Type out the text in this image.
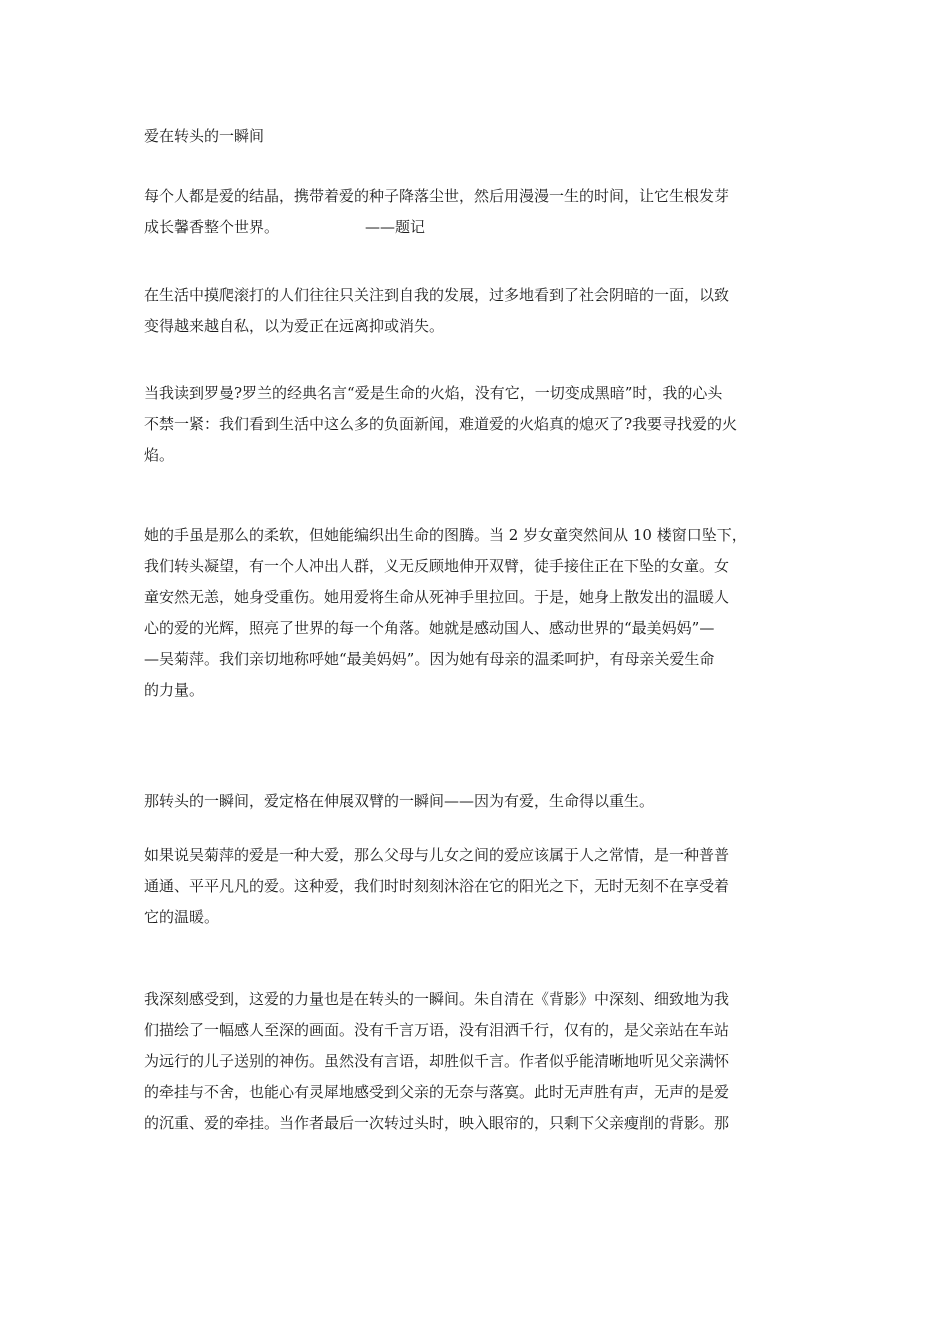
爱在转头的一瞬间
每个人都是爱的结晶，携带着爱的种子降落尘世，然后用漫漫一生的时间，让它生根发芽
成长馨香整个世界。	——题记
在生活中摸爬滚打的人们往往只关注到自我的发展，过多地看到了社会阴暗的一面，以致
变得越来越自私，以为爱正在远离抑或消失。
当我读到罗曼?罗兰的经典名言“爱是生命的火焰，没有它，一切变成黑暗”时，我的心头
不禁一紧：我们看到生活中这么多的负面新闻，难道爱的火焰真的熄灭了?我要寻找爱的火
焰。
她的手虽是那么的柔软，但她能编织出生命的图腾。当 2 岁女童突然间从 10 楼窗口坠下，
我们转头凝望，有一个人冲出人群，义无反顾地伸开双臂，徒手接住正在下坠的女童。女
童安然无恙，她身受重伤。她用爱将生命从死神手里拉回。于是，她身上散发出的温暖人
心的爱的光辉，照亮了世界的每一个角落。她就是感动国人、感动世界的“最美妈妈”—
—吴菊萍。我们亲切地称呼她“最美妈妈”。因为她有母亲的温柔呵护，有母亲关爱生命
的力量。
那转头的一瞬间，爱定格在伸展双臂的一瞬间——因为有爱，生命得以重生。
如果说吴菊萍的爱是一种大爱，那么父母与儿女之间的爱应该属于人之常情，是一种普普
通通、平平凡凡的爱。这种爱，我们时时刻刻沐浴在它的阳光之下，无时无刻不在享受着
它的温暖。
我深刻感受到，这爱的力量也是在转头的一瞬间。朱自清在《背影》中深刻、细致地为我
们描绘了一幅感人至深的画面。没有千言万语，没有泪洒千行，仅有的，是父亲站在车站
为远行的儿子送别的神伤。虽然没有言语，却胜似千言。作者似乎能清晰地听见父亲满怀
的牵挂与不舍，也能心有灵犀地感受到父亲的无奈与落寞。此时无声胜有声，无声的是爱
的沉重、爱的牵挂。当作者最后一次转过头时，映入眼帘的，只剩下父亲瘦削的背影。那
